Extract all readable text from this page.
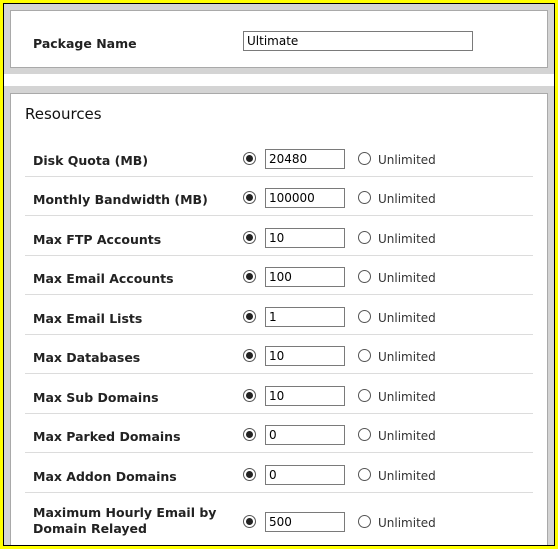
Package Name
Ultimate
Resources
Disk Quota (MB)
20480	Unlimited
Monthly Bandwidth (MB)
100000	Unlimited
Max FTP Accounts
10	Unlimited
Max Email Accounts
100	Unlimited
Max Email Lists
1	Unlimited
Max Databases
10	Unlimited
Max Sub Domains
10	Unlimited
Max Parked Domains
0	Unlimited
Max Addon Domains
0	Unlimited
Maximum Hourly Email by
Domain Relayed
500	Unlimited
